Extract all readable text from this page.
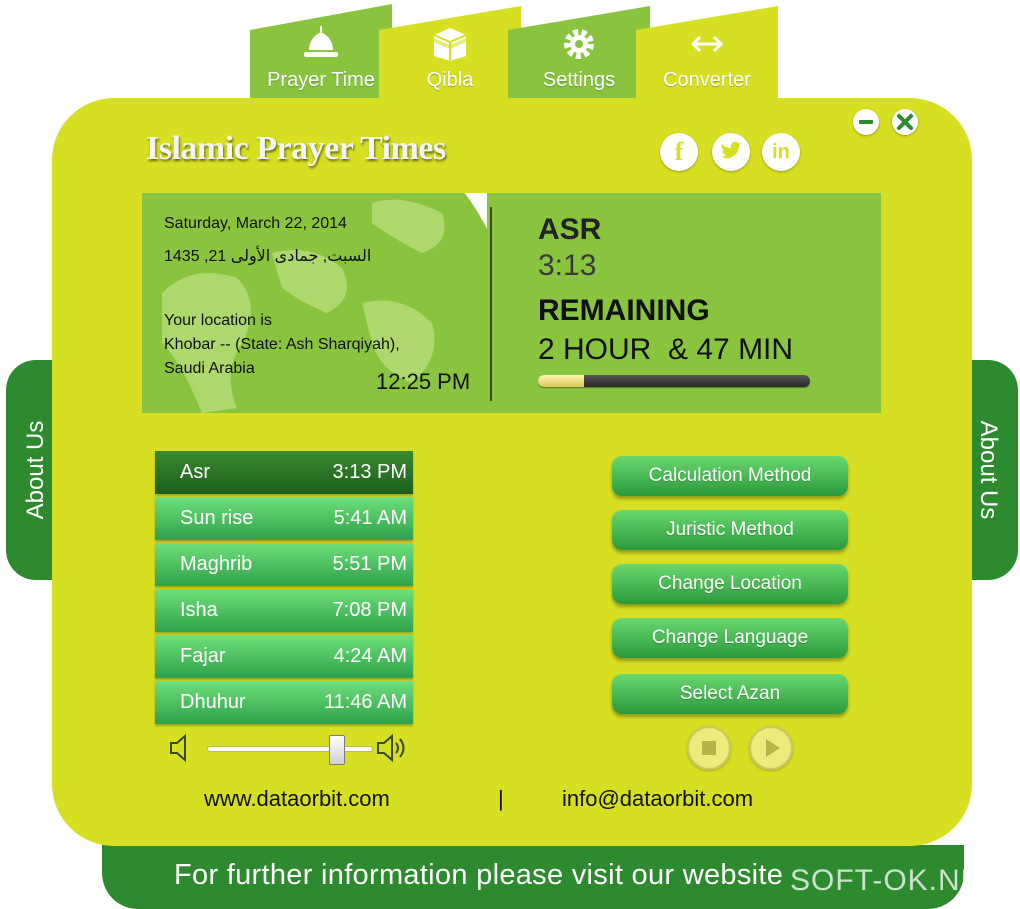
Prayer Time	Qibla	Settings	Converter
About Us	About Us
For further information please visit our website
Islamic Prayer Times	f	in
Saturday, March 22, 2014
السبت, جمادى الأولى 21, 1435
Your location is
Khobar -- (State: Ash Sharqiyah),
Saudi Arabia
12:25 PM
ASR
3:13
REMAINING
2 HOUR  & 47 MIN
Asr	3:13 PM
Sun rise	5:41 AM
Maghrib	5:51 PM
Isha	7:08 PM
Fajar	4:24 AM
Dhuhur	11:46 AM
Calculation Method
Juristic Method
Change Location
Change Language
Select Azan
www.dataorbit.com	|	info@dataorbit.com
SOFT-OK.NET
